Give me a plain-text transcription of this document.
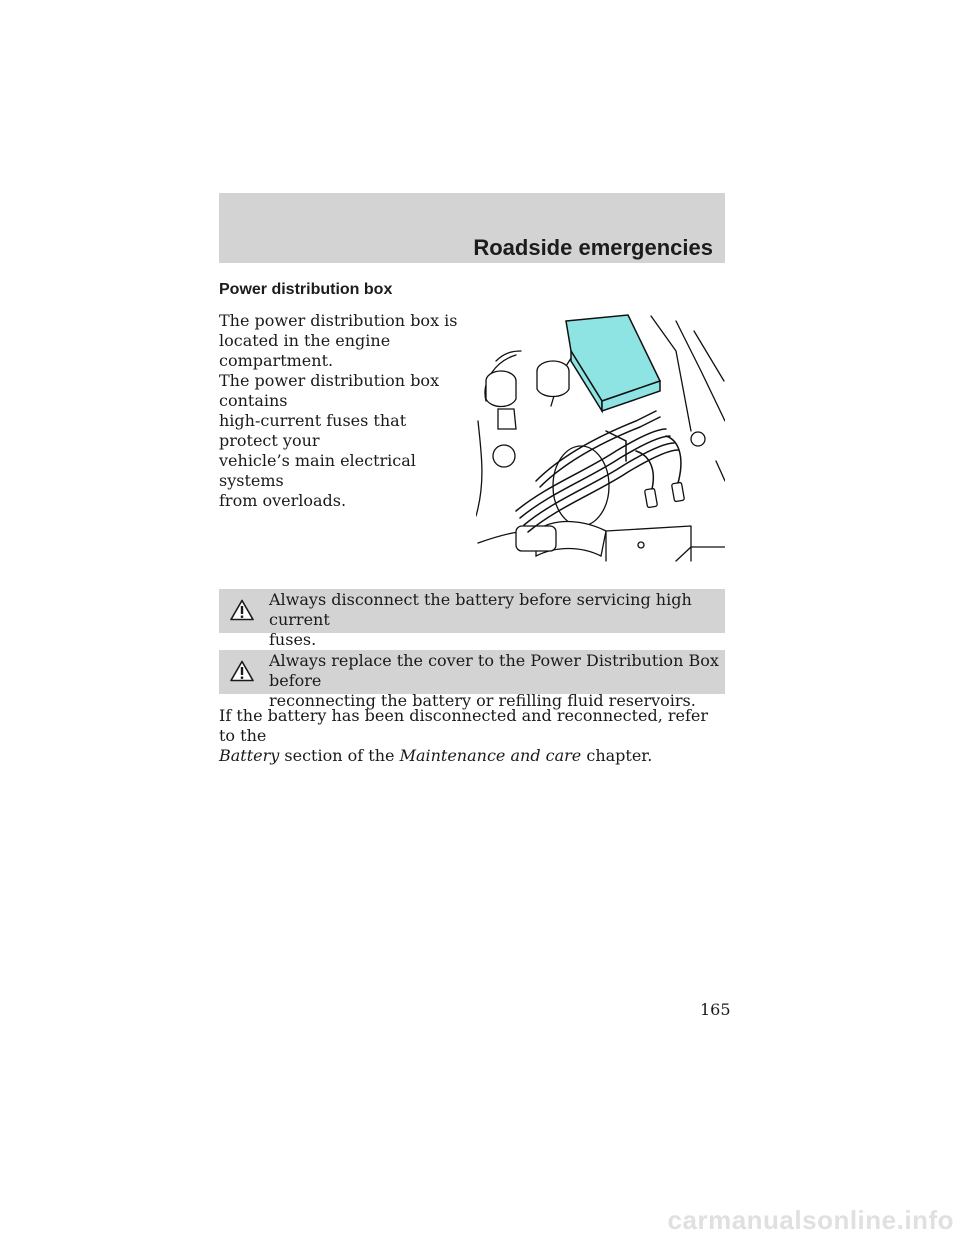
Roadside emergencies
Power distribution box

The power distribution box is
located in the engine compartment.
The power distribution box contains
high-current fuses that protect your
vehicle’s main electrical systems
from overloads.

Always disconnect the battery before servicing high current
fuses.

Always replace the cover to the Power Distribution Box before
reconnecting the battery or refilling fluid reservoirs.

If the battery has been disconnected and reconnected, refer to the
Battery section of the Maintenance and care chapter.

165
carmanualsonline.info
